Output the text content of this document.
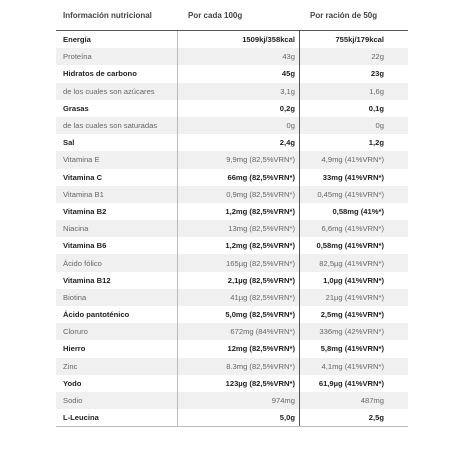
Información nutricional	Por cada 100g	Por ración de 50g
Energía	1509kj/358kcal	755kj/179kcal
Proteína	43g	22g
Hidratos de carbono	45g	23g
de los cuales son azúcares	3,1g	1,6g
Grasas	0,2g	0,1g
de las cuales son saturadas	0g	0g
Sal	2,4g	1,2g
Vitamina E	9,9mg (82,5%VRN*)	4,9mg (41%VRN*)
Vitamina C	66mg (82,5%VRN*)	33mg (41%VRN*)
Vitamina B1	0,9mg (82,5%VRN*)	0,45mg (41%VRN*)
Vitamina B2	1,2mg (82,5%VRN*)	0,58mg (41%*)
Niacina	13mg (82,5%VRN*)	6,6mg (41%VRN*)
Vitamina B6	1,2mg (82,5%VRN*)	0,58mg (41%VRN*)
Ácido fólico	165µg (82,5%VRN*)	82,5µg (41%VRN*)
Vitamina B12	2,1µg (82,5%VRN*)	1,0µg (41%VRN*)
Biotina	41µg (82,5%VRN*)	21µg (41%VRN*)
Ácido pantoténico	5,0mg (82,5%VRN*)	2,5mg (41%VRN*)
Cloruro	672mg (84%VRN*)	336mg (42%VRN*)
Hierro	12mg (82,5%VRN*)	5,8mg (41%VRN*)
Zinc	8.3mg (82,5%VRN*)	4,1mg (41%VRN*)
Yodo	123µg (82,5%VRN*)	61,9µg (41%VRN*)
Sodio	974mg	487mg
L-Leucina	5,0g	2,5g
